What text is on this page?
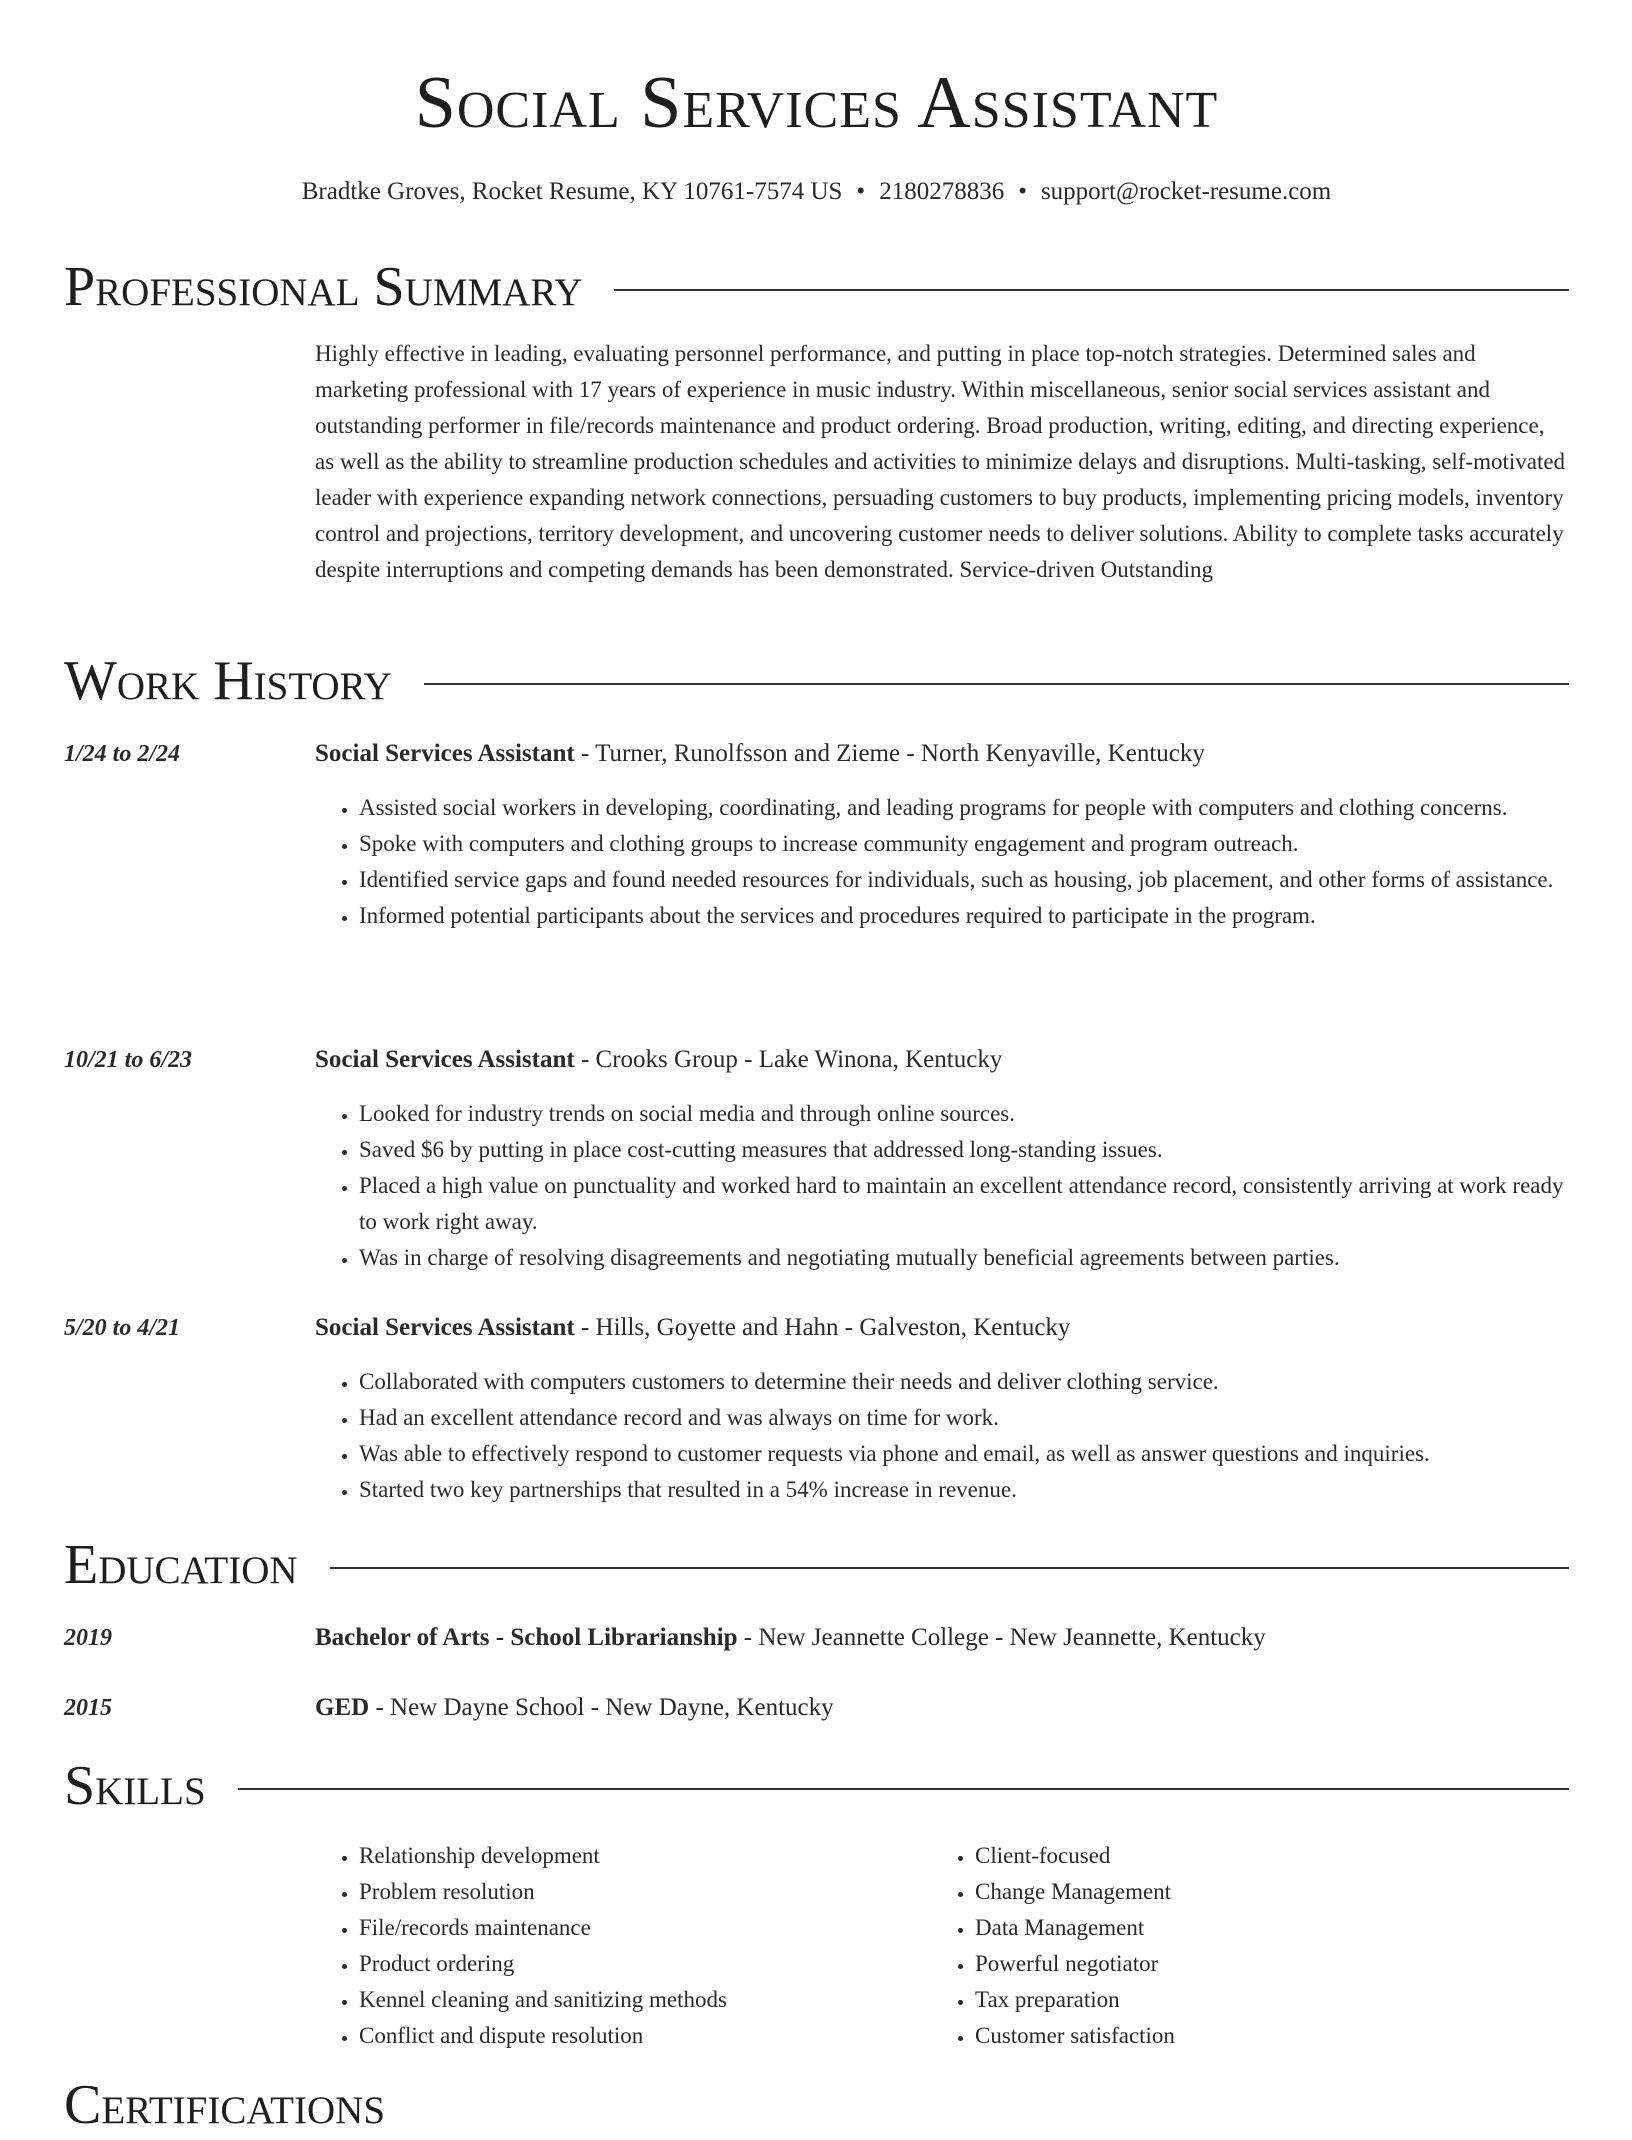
Social Services Assistant
Bradtke Groves, Rocket Resume, KY 10761-7574 US • 2180278836 • support@rocket-resume.com
Professional Summary
Highly effective in leading, evaluating personnel performance, and putting in place top-notch strategies. Determined sales and marketing professional with 17 years of experience in music industry. Within miscellaneous, senior social services assistant and outstanding performer in file/records maintenance and product ordering. Broad production, writing, editing, and directing experience, as well as the ability to streamline production schedules and activities to minimize delays and disruptions. Multi-tasking, self-motivated leader with experience expanding network connections, persuading customers to buy products, implementing pricing models, inventory control and projections, territory development, and uncovering customer needs to deliver solutions. Ability to complete tasks accurately despite interruptions and competing demands has been demonstrated. Service-driven Outstanding
Work History
1/24 to 2/24	Social Services Assistant - Turner, Runolfsson and Zieme - North Kenyaville, Kentucky
• Assisted social workers in developing, coordinating, and leading programs for people with computers and clothing concerns.
• Spoke with computers and clothing groups to increase community engagement and program outreach.
• Identified service gaps and found needed resources for individuals, such as housing, job placement, and other forms of assistance.
• Informed potential participants about the services and procedures required to participate in the program.
10/21 to 6/23	Social Services Assistant - Crooks Group - Lake Winona, Kentucky
• Looked for industry trends on social media and through online sources.
• Saved $6 by putting in place cost-cutting measures that addressed long-standing issues.
• Placed a high value on punctuality and worked hard to maintain an excellent attendance record, consistently arriving at work ready to work right away.
• Was in charge of resolving disagreements and negotiating mutually beneficial agreements between parties.
5/20 to 4/21	Social Services Assistant - Hills, Goyette and Hahn - Galveston, Kentucky
• Collaborated with computers customers to determine their needs and deliver clothing service.
• Had an excellent attendance record and was always on time for work.
• Was able to effectively respond to customer requests via phone and email, as well as answer questions and inquiries.
• Started two key partnerships that resulted in a 54% increase in revenue.
Education
2019	Bachelor of Arts - School Librarianship - New Jeannette College - New Jeannette, Kentucky
2015	GED - New Dayne School - New Dayne, Kentucky
Skills
• Relationship development
• Problem resolution
• File/records maintenance
• Product ordering
• Kennel cleaning and sanitizing methods
• Conflict and dispute resolution
• Client-focused
• Change Management
• Data Management
• Powerful negotiator
• Tax preparation
• Customer satisfaction
Certifications
